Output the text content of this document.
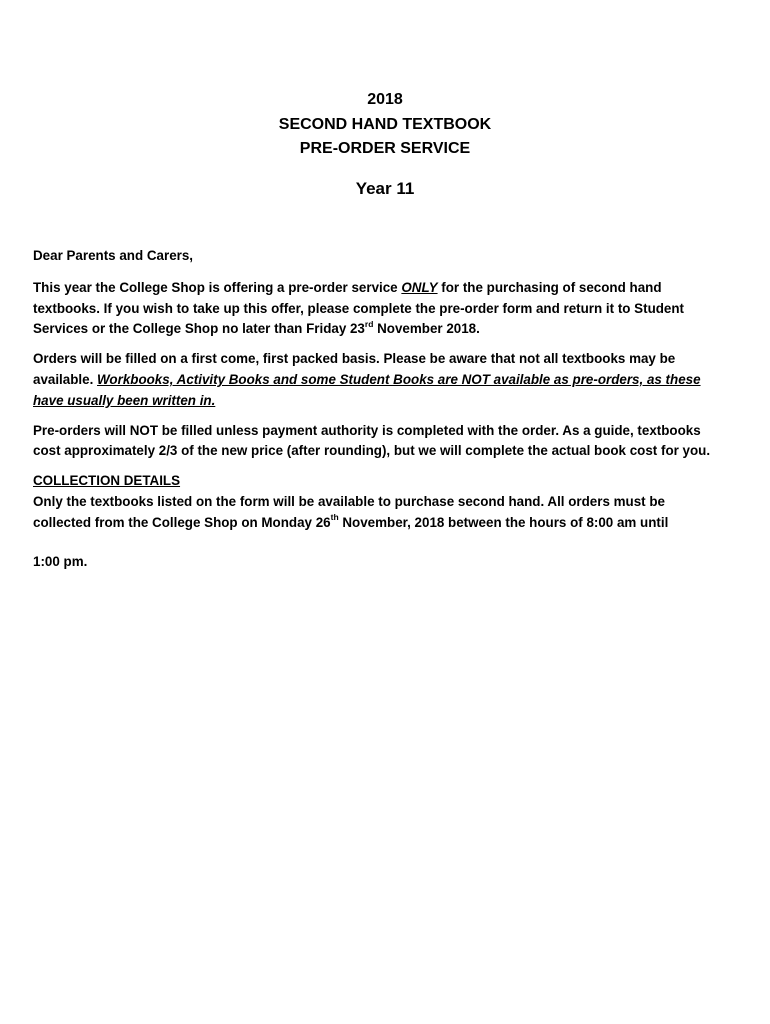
2018
SECOND HAND TEXTBOOK
PRE-ORDER SERVICE
Year 11

Dear Parents and Carers,

This year the College Shop is offering a pre-order service ONLY for the purchasing of second hand textbooks. If you wish to take up this offer, please complete the pre-order form and return it to Student Services or the College Shop no later than Friday 23rd November 2018.

Orders will be filled on a first come, first packed basis. Please be aware that not all textbooks may be available. Workbooks, Activity Books and some Student Books are NOT available as pre-orders, as these have usually been written in.

Pre-orders will NOT be filled unless payment authority is completed with the order. As a guide, textbooks cost approximately 2/3 of the new price (after rounding), but we will complete the actual book cost for you.

COLLECTION DETAILS

Only the textbooks listed on the form will be available to purchase second hand. All orders must be collected from the College Shop on Monday 26th November, 2018 between the hours of 8:00 am until

1:00 pm.
